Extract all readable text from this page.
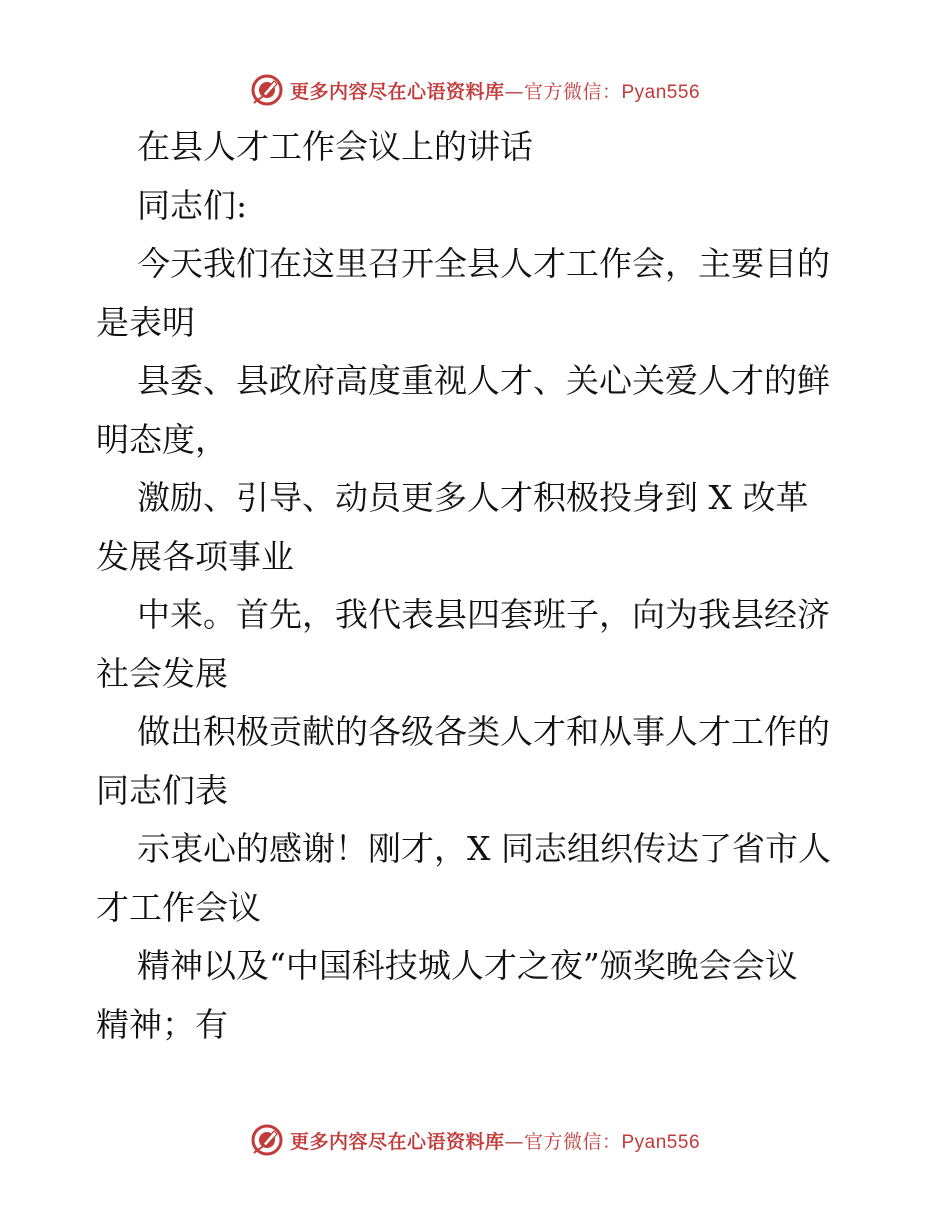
更多内容尽在心语资料库—官方微信：Pyan556
在县人才工作会议上的讲话
同志们:
今天我们在这里召开全县人才工作会，主要目的
是表明
县委、县政府高度重视人才、关心关爱人才的鲜
明态度，
激励、引导、动员更多人才积极投身到 X 改革
发展各项事业
中来。首先，我代表县四套班子，向为我县经济
社会发展
做出积极贡献的各级各类人才和从事人才工作的
同志们表
示衷心的感谢！刚才，X 同志组织传达了省市人
才工作会议
精神以及“中国科技城人才之夜”颁奖晚会会议
精神；有
更多内容尽在心语资料库—官方微信：Pyan556
